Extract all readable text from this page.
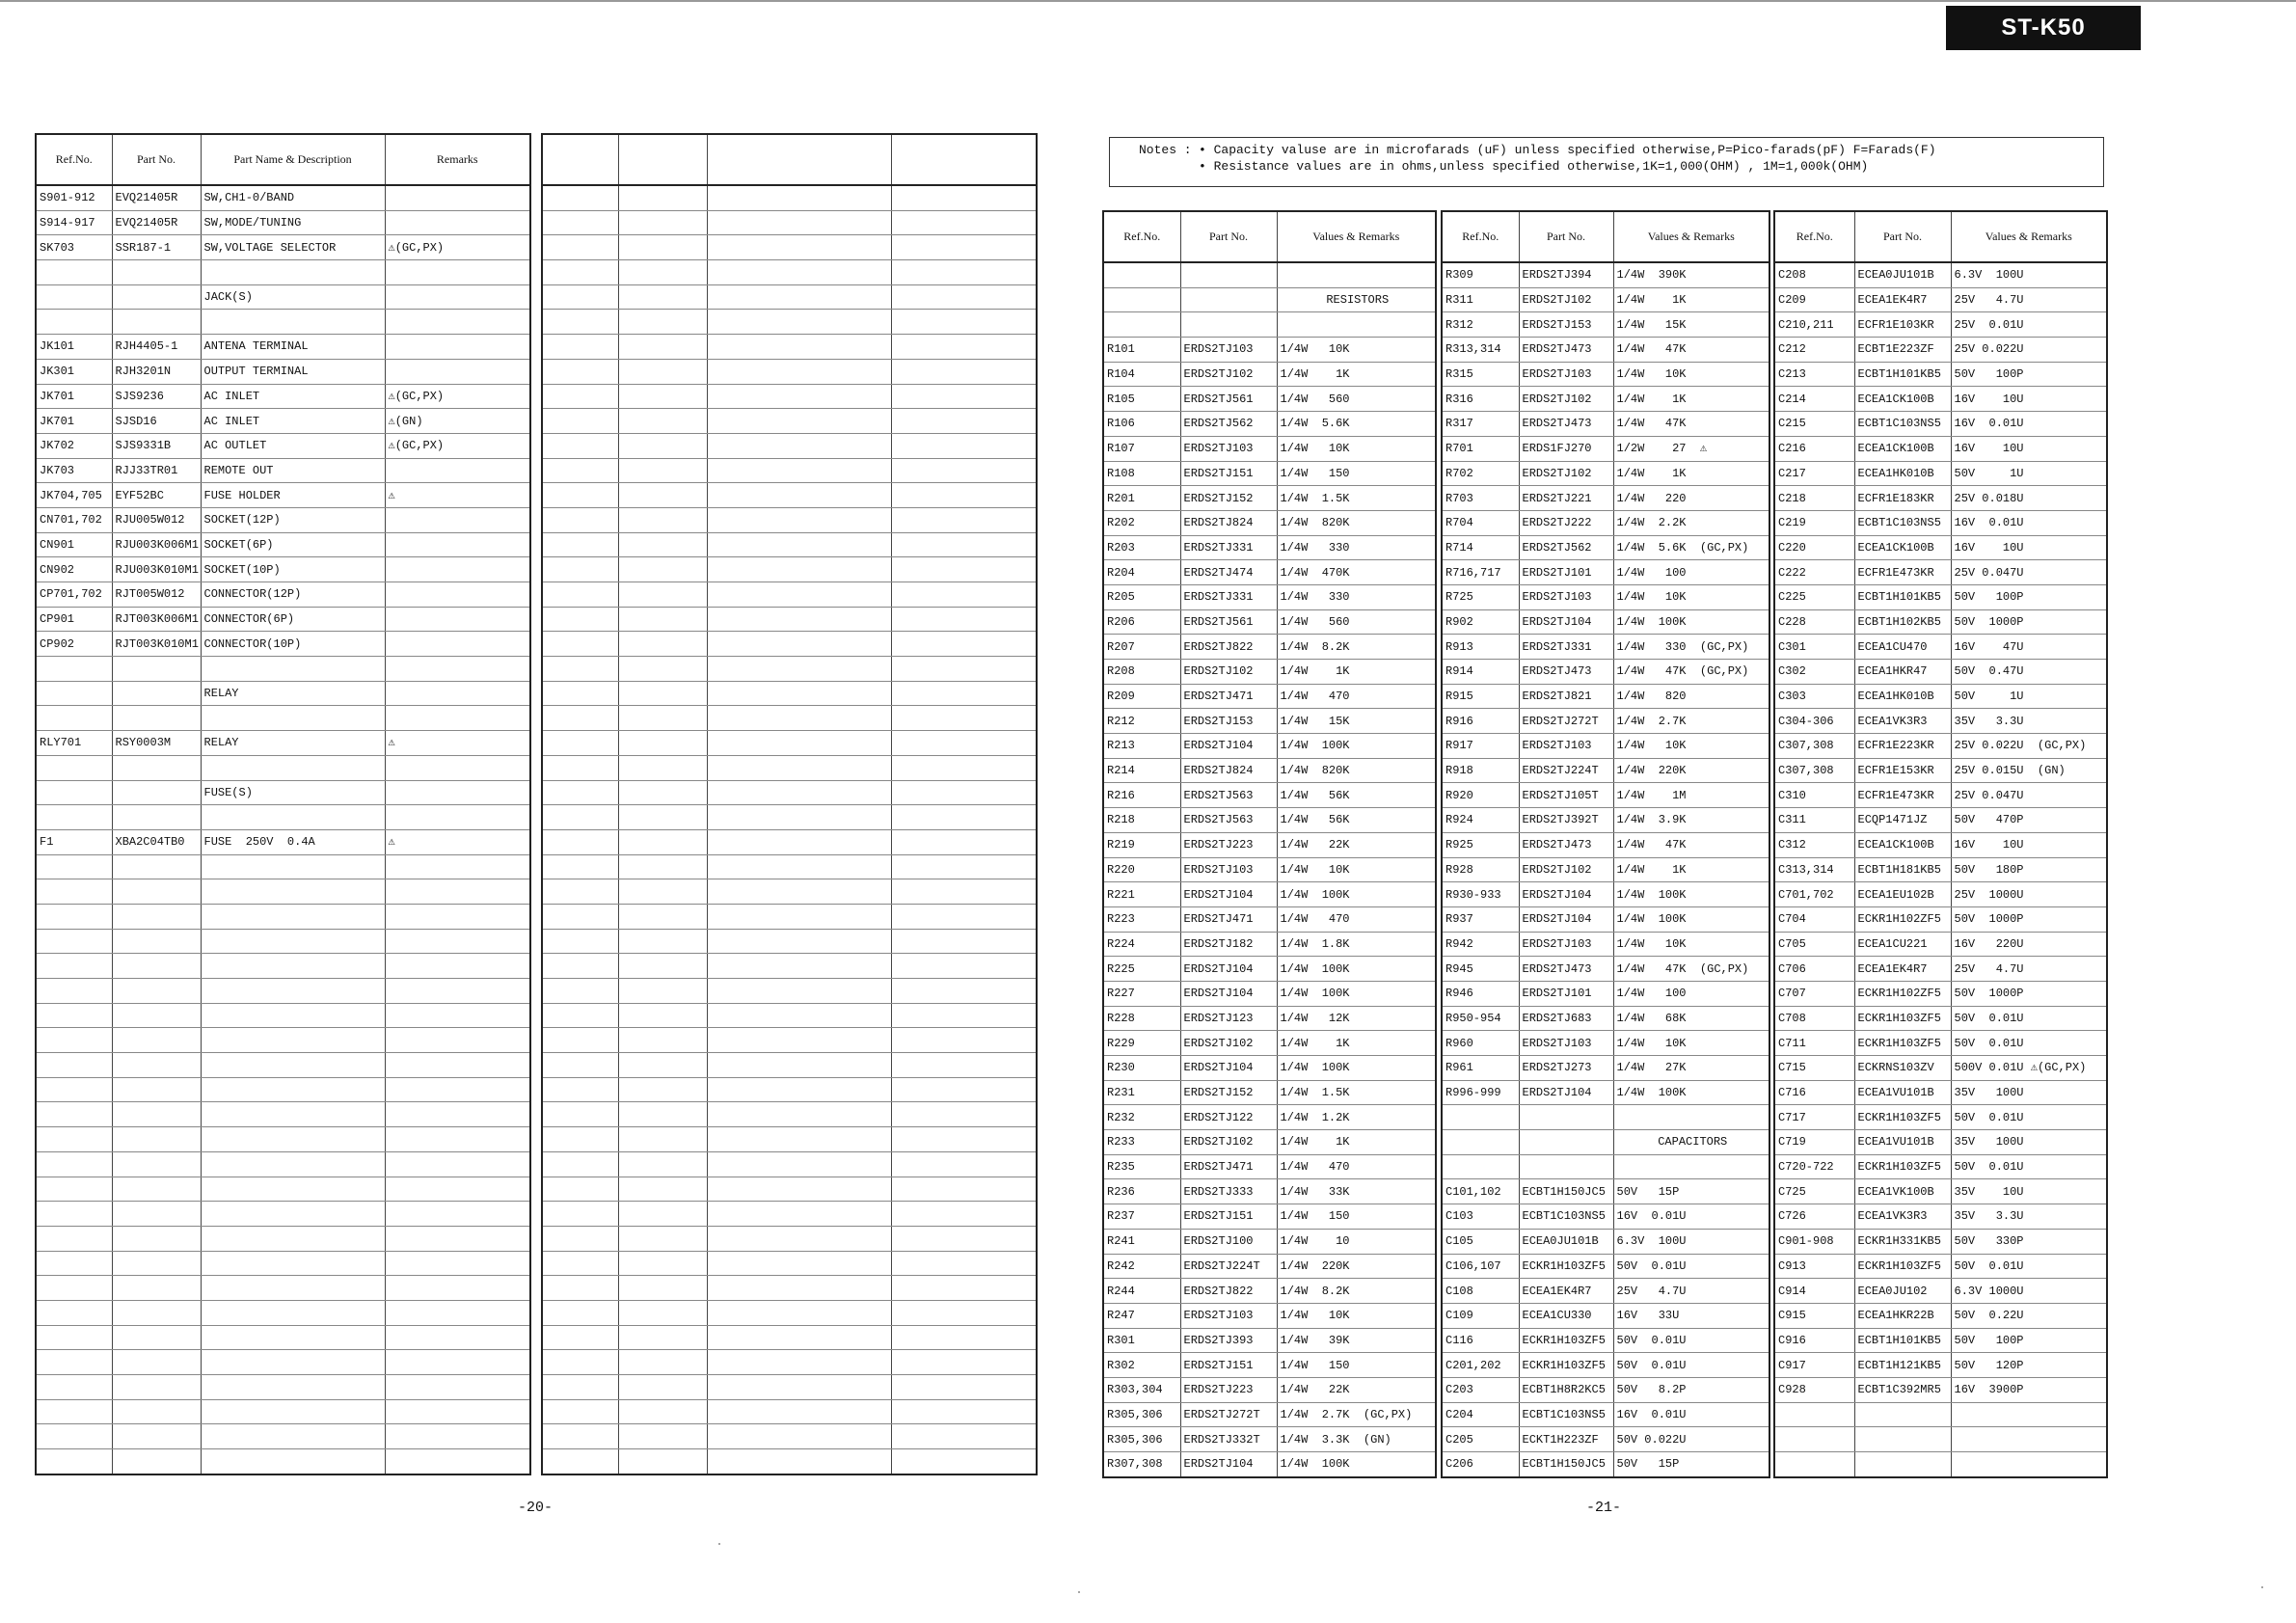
ST-K50
Notes : • Capacity valuse are in microfarads (uF) unless specified otherwise,P=Pico-farads(pF) F=Farads(F)
• Resistance values are in ohms,unless specified otherwise,1K=1,000(OHM) , 1M=1,000k(OHM)
Ref.No.	Part No.	Part Name & Description	Remarks
S901-912	EVQ21405R	SW,CH1-0/BAND	
S914-917	EVQ21405R	SW,MODE/TUNING	
SK703	SSR187-1	SW,VOLTAGE SELECTOR	⚠(GC,PX)

		JACK(S)	

JK101	RJH4405-1	ANTENA TERMINAL	
JK301	RJH3201N	OUTPUT TERMINAL	
JK701	SJS9236	AC INLET	⚠(GC,PX)
JK701	SJSD16	AC INLET	⚠(GN)
JK702	SJS9331B	AC OUTLET	⚠(GC,PX)
JK703	RJJ33TR01	REMOTE OUT	
JK704,705	EYF52BC	FUSE HOLDER	⚠
CN701,702	RJU005W012	SOCKET(12P)	
CN901	RJU003K006M1	SOCKET(6P)	
CN902	RJU003K010M1	SOCKET(10P)	
CP701,702	RJT005W012	CONNECTOR(12P)	
CP901	RJT003K006M1	CONNECTOR(6P)	
CP902	RJT003K010M1	CONNECTOR(10P)	

		RELAY	

RLY701	RSY0003M	RELAY	⚠

		FUSE(S)	

F1	XBA2C04TB0	FUSE  250V  0.4A	⚠

Ref.No.	Part No.	Values & Remarks

		RESISTORS

R101	ERDS2TJ103	1/4W   10K
R104	ERDS2TJ102	1/4W    1K
R105	ERDS2TJ561	1/4W   560
R106	ERDS2TJ562	1/4W  5.6K
R107	ERDS2TJ103	1/4W   10K
R108	ERDS2TJ151	1/4W   150
R201	ERDS2TJ152	1/4W  1.5K
R202	ERDS2TJ824	1/4W  820K
R203	ERDS2TJ331	1/4W   330
R204	ERDS2TJ474	1/4W  470K
R205	ERDS2TJ331	1/4W   330
R206	ERDS2TJ561	1/4W   560
R207	ERDS2TJ822	1/4W  8.2K
R208	ERDS2TJ102	1/4W    1K
R209	ERDS2TJ471	1/4W   470
R212	ERDS2TJ153	1/4W   15K
R213	ERDS2TJ104	1/4W  100K
R214	ERDS2TJ824	1/4W  820K
R216	ERDS2TJ563	1/4W   56K
R218	ERDS2TJ563	1/4W   56K
R219	ERDS2TJ223	1/4W   22K
R220	ERDS2TJ103	1/4W   10K
R221	ERDS2TJ104	1/4W  100K
R223	ERDS2TJ471	1/4W   470
R224	ERDS2TJ182	1/4W  1.8K
R225	ERDS2TJ104	1/4W  100K
R227	ERDS2TJ104	1/4W  100K
R228	ERDS2TJ123	1/4W   12K
R229	ERDS2TJ102	1/4W    1K
R230	ERDS2TJ104	1/4W  100K
R231	ERDS2TJ152	1/4W  1.5K
R232	ERDS2TJ122	1/4W  1.2K
R233	ERDS2TJ102	1/4W    1K
R235	ERDS2TJ471	1/4W   470
R236	ERDS2TJ333	1/4W   33K
R237	ERDS2TJ151	1/4W   150
R241	ERDS2TJ100	1/4W    10
R242	ERDS2TJ224T	1/4W  220K
R244	ERDS2TJ822	1/4W  8.2K
R247	ERDS2TJ103	1/4W   10K
R301	ERDS2TJ393	1/4W   39K
R302	ERDS2TJ151	1/4W   150
R303,304	ERDS2TJ223	1/4W   22K
R305,306	ERDS2TJ272T	1/4W  2.7K  (GC,PX)
R305,306	ERDS2TJ332T	1/4W  3.3K  (GN)
R307,308	ERDS2TJ104	1/4W  100K
Ref.No.	Part No.	Values & Remarks
R309	ERDS2TJ394	1/4W  390K
R311	ERDS2TJ102	1/4W    1K
R312	ERDS2TJ153	1/4W   15K
R313,314	ERDS2TJ473	1/4W   47K
R315	ERDS2TJ103	1/4W   10K
R316	ERDS2TJ102	1/4W    1K
R317	ERDS2TJ473	1/4W   47K
R701	ERDS1FJ270	1/2W    27  ⚠
R702	ERDS2TJ102	1/4W    1K
R703	ERDS2TJ221	1/4W   220
R704	ERDS2TJ222	1/4W  2.2K
R714	ERDS2TJ562	1/4W  5.6K  (GC,PX)
R716,717	ERDS2TJ101	1/4W   100
R725	ERDS2TJ103	1/4W   10K
R902	ERDS2TJ104	1/4W  100K
R913	ERDS2TJ331	1/4W   330  (GC,PX)
R914	ERDS2TJ473	1/4W   47K  (GC,PX)
R915	ERDS2TJ821	1/4W   820
R916	ERDS2TJ272T	1/4W  2.7K
R917	ERDS2TJ103	1/4W   10K
R918	ERDS2TJ224T	1/4W  220K
R920	ERDS2TJ105T	1/4W    1M
R924	ERDS2TJ392T	1/4W  3.9K
R925	ERDS2TJ473	1/4W   47K
R928	ERDS2TJ102	1/4W    1K
R930-933	ERDS2TJ104	1/4W  100K
R937	ERDS2TJ104	1/4W  100K
R942	ERDS2TJ103	1/4W   10K
R945	ERDS2TJ473	1/4W   47K  (GC,PX)
R946	ERDS2TJ101	1/4W   100
R950-954	ERDS2TJ683	1/4W   68K
R960	ERDS2TJ103	1/4W   10K
R961	ERDS2TJ273	1/4W   27K
R996-999	ERDS2TJ104	1/4W  100K

		CAPACITORS

C101,102	ECBT1H150JC5	50V   15P
C103	ECBT1C103NS5	16V  0.01U
C105	ECEA0JU101B	6.3V  100U
C106,107	ECKR1H103ZF5	50V  0.01U
C108	ECEA1EK4R7	25V   4.7U
C109	ECEA1CU330	16V   33U
C116	ECKR1H103ZF5	50V  0.01U
C201,202	ECKR1H103ZF5	50V  0.01U
C203	ECBT1H8R2KC5	50V   8.2P
C204	ECBT1C103NS5	16V  0.01U
C205	ECKT1H223ZF	50V 0.022U
C206	ECBT1H150JC5	50V   15P
Ref.No.	Part No.	Values & Remarks
C208	ECEA0JU101B	6.3V  100U
C209	ECEA1EK4R7	25V   4.7U
C210,211	ECFR1E103KR	25V  0.01U
C212	ECBT1E223ZF	25V 0.022U
C213	ECBT1H101KB5	50V   100P
C214	ECEA1CK100B	16V    10U
C215	ECBT1C103NS5	16V  0.01U
C216	ECEA1CK100B	16V    10U
C217	ECEA1HK010B	50V     1U
C218	ECFR1E183KR	25V 0.018U
C219	ECBT1C103NS5	16V  0.01U
C220	ECEA1CK100B	16V    10U
C222	ECFR1E473KR	25V 0.047U
C225	ECBT1H101KB5	50V   100P
C228	ECBT1H102KB5	50V  1000P
C301	ECEA1CU470	16V    47U
C302	ECEA1HKR47	50V  0.47U
C303	ECEA1HK010B	50V     1U
C304-306	ECEA1VK3R3	35V   3.3U
C307,308	ECFR1E223KR	25V 0.022U  (GC,PX)
C307,308	ECFR1E153KR	25V 0.015U  (GN)
C310	ECFR1E473KR	25V 0.047U
C311	ECQP1471JZ	50V   470P
C312	ECEA1CK100B	16V    10U
C313,314	ECBT1H181KB5	50V   180P
C701,702	ECEA1EU102B	25V  1000U
C704	ECKR1H102ZF5	50V  1000P
C705	ECEA1CU221	16V   220U
C706	ECEA1EK4R7	25V   4.7U
C707	ECKR1H102ZF5	50V  1000P
C708	ECKR1H103ZF5	50V  0.01U
C711	ECKR1H103ZF5	50V  0.01U
C715	ECKRNS103ZV	500V 0.01U ⚠(GC,PX)
C716	ECEA1VU101B	35V   100U
C717	ECKR1H103ZF5	50V  0.01U
C719	ECEA1VU101B	35V   100U
C720-722	ECKR1H103ZF5	50V  0.01U
C725	ECEA1VK100B	35V    10U
C726	ECEA1VK3R3	35V   3.3U
C901-908	ECKR1H331KB5	50V   330P
C913	ECKR1H103ZF5	50V  0.01U
C914	ECEA0JU102	6.3V 1000U
C915	ECEA1HKR22B	50V  0.22U
C916	ECBT1H101KB5	50V   100P
C917	ECBT1H121KB5	50V   120P
C928	ECBT1C392MR5	16V  3900P

-20-	-21-
